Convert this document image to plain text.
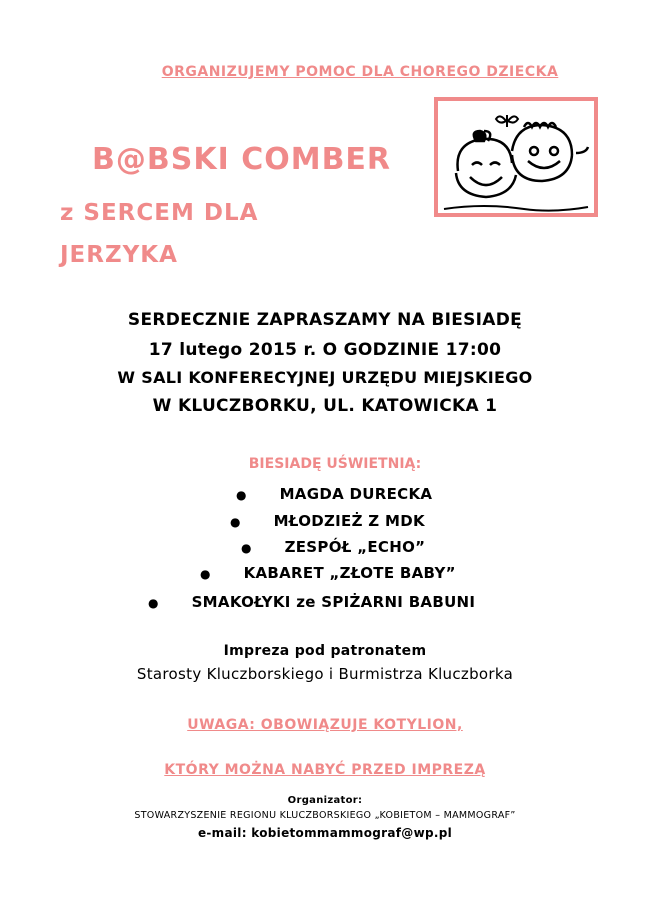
ORGANIZUJEMY POMOC DLA CHOREGO DZIECKA
B@BSKI COMBER
z SERCEM DLA
JERZYKA
SERDECZNIE ZAPRASZAMY NA BIESIADĘ
17 lutego 2015 r. O GODZINIE 17:00
W SALI KONFERECYJNEJ URZĘDU MIEJSKIEGO
W KLUCZBORKU, UL. KATOWICKA 1
BIESIADĘ UŚWIETNIĄ:
● MAGDA DURECKA
● MŁODZIEŻ Z MDK
● ZESPÓŁ „ECHO”
● KABARET „ZŁOTE BABY”
● SMAKOŁYKI ze SPIŻARNI BABUNI
Impreza pod patronatem
Starosty Kluczborskiego i Burmistrza Kluczborka
UWAGA: OBOWIĄZUJE KOTYLION,
KTÓRY MOŻNA NABYĆ PRZED IMPREZĄ
Organizator:
STOWARZYSZENIE REGIONU KLUCZBORSKIEGO „KOBIETOM – MAMMOGRAF”
e-mail: kobietommammograf@wp.pl
